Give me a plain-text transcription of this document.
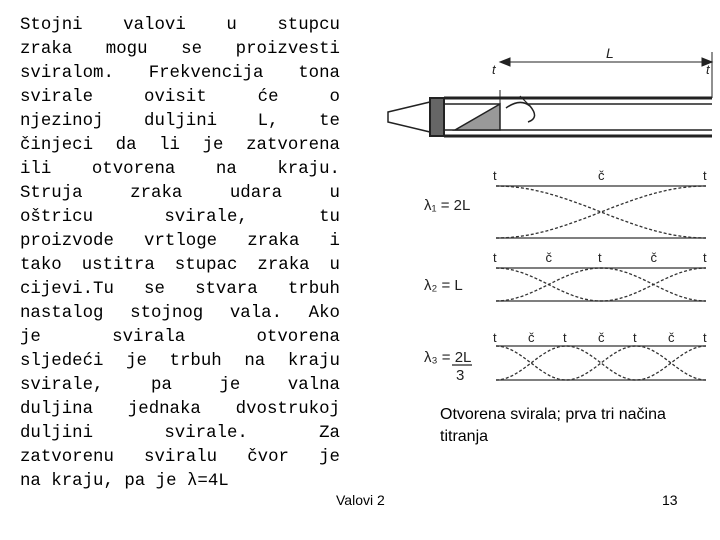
Stojni valovi u stupcu
zraka mogu se proizvesti
sviralom. Frekvencija tona
svirale ovisit će o
njezinoj duljini L, te
činjeci da li je zatvorena
ili otvorena na kraju.
Struja zraka udara u
oštricu svirale, tu
proizvode vrtloge zraka i
tako ustitra stupac zraka u
cijevi.Tu se stvara trbuh
nastalog stojnog vala. Ako
je svirala otvorena
sljedeći je trbuh na kraju
svirale, pa je valna
duljina jednaka dvostrukoj
duljini svirale. Za
zatvorenu sviralu čvor je
na kraju, pa je λ=4L
L
t	t
t	č	t
λ₁ = 2L
t	č	t	č	t
λ₂ = L
t č t č t č t
λ₃ = 2L
3
Otvorena svirala; prva tri načina titranja
Valovi 2	13
